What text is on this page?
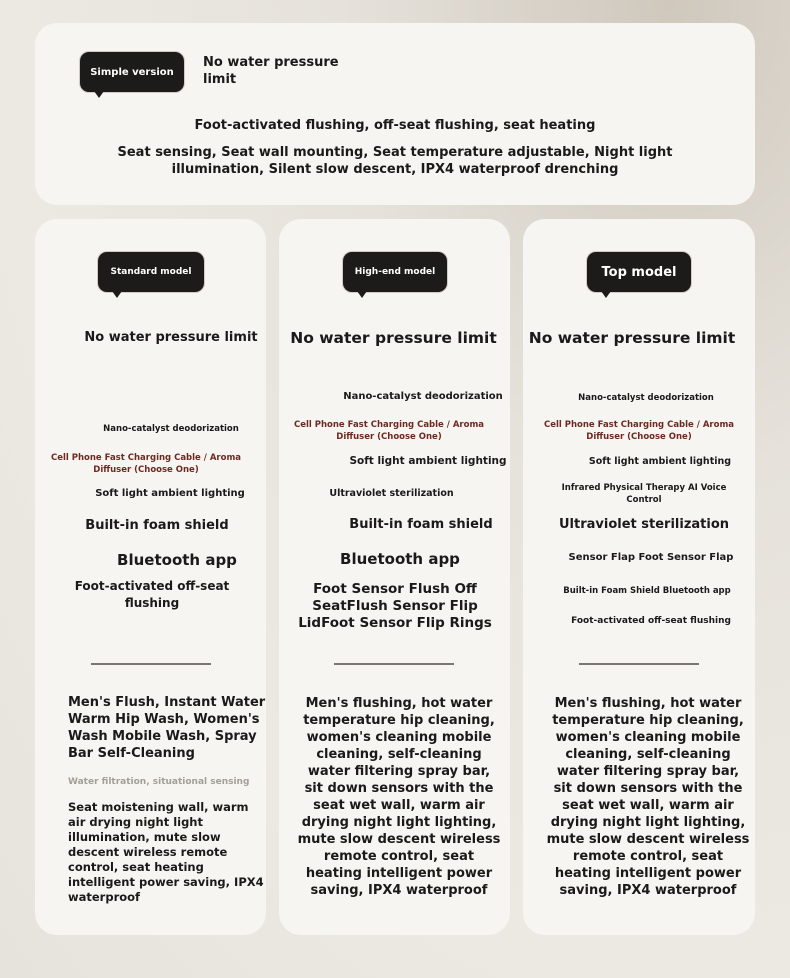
Simple version
No water pressure
limit
Foot-activated flushing, off-seat flushing, seat heating
Seat sensing, Seat wall mounting, Seat temperature adjustable, Night light
illumination, Silent slow descent, IPX4 waterproof drenching
Standard model
No water pressure limit
Nano-catalyst deodorization
Cell Phone Fast Charging Cable / Aroma
Diffuser (Choose One)
Soft light ambient lighting
Built-in foam shield
Bluetooth app
Foot-activated off-seat
flushing
Men's Flush, Instant Water
Warm Hip Wash, Women's
Wash Mobile Wash, Spray
Bar Self-Cleaning
Water filtration, situational sensing
Seat moistening wall, warm
air drying night light
illumination, mute slow
descent wireless remote
control, seat heating
intelligent power saving, IPX4
waterproof
High-end model
No water pressure limit
Nano-catalyst deodorization
Cell Phone Fast Charging Cable / Aroma
Diffuser (Choose One)
Soft light ambient lighting
Ultraviolet sterilization
Built-in foam shield
Bluetooth app
Foot Sensor Flush Off
SeatFlush Sensor Flip
LidFoot Sensor Flip Rings
Men's flushing, hot water
temperature hip cleaning,
women's cleaning mobile
cleaning, self-cleaning
water filtering spray bar,
sit down sensors with the
seat wet wall, warm air
drying night light lighting,
mute slow descent wireless
remote control, seat
heating intelligent power
saving, IPX4 waterproof
Top model
No water pressure limit
Nano-catalyst deodorization
Cell Phone Fast Charging Cable / Aroma
Diffuser (Choose One)
Soft light ambient lighting
Infrared Physical Therapy AI Voice
Control
Ultraviolet sterilization
Sensor Flap Foot Sensor Flap
Built-in Foam Shield Bluetooth app
Foot-activated off-seat flushing
Men's flushing, hot water
temperature hip cleaning,
women's cleaning mobile
cleaning, self-cleaning
water filtering spray bar,
sit down sensors with the
seat wet wall, warm air
drying night light lighting,
mute slow descent wireless
remote control, seat
heating intelligent power
saving, IPX4 waterproof
